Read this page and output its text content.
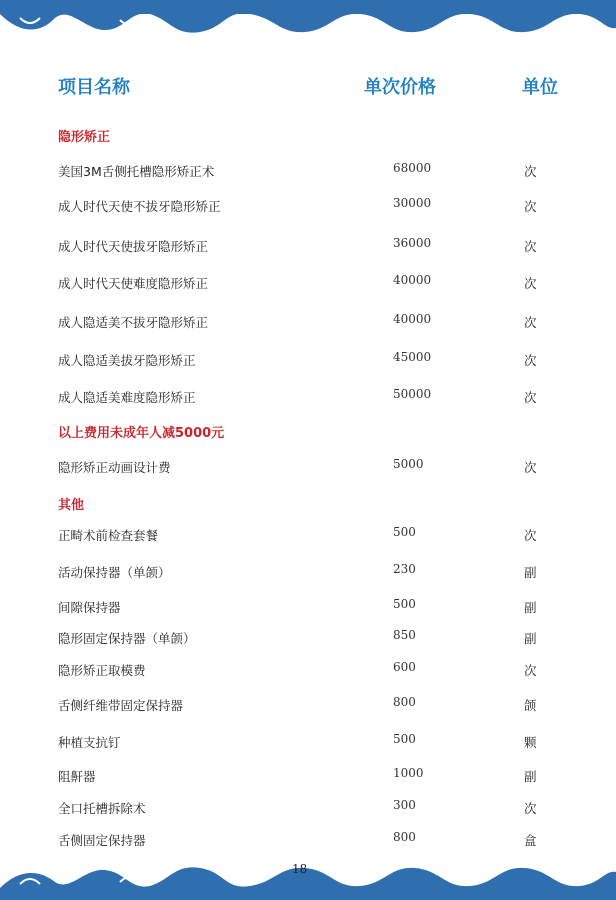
项目名称	单次价格	单位
隐形矫正
美国3M舌侧托槽隐形矫正术	68000	次
成人时代天使不拔牙隐形矫正	30000	次
成人时代天使拔牙隐形矫正	36000	次
成人时代天使难度隐形矫正	40000	次
成人隐适美不拔牙隐形矫正	40000	次
成人隐适美拔牙隐形矫正	45000	次
成人隐适美难度隐形矫正	50000	次
以上费用未成年人减5000元
隐形矫正动画设计费	5000	次
其他
正畸术前检查套餐	500	次
活动保持器（单颌）	230	副
间隙保持器	500	副
隐形固定保持器（单颌）	850	副
隐形矫正取模费	600	次
舌侧纤维带固定保持器	800	颌
种植支抗钉	500	颗
阻鼾器	1000	副
全口托槽拆除术	300	次
舌侧固定保持器	800	盒
18
